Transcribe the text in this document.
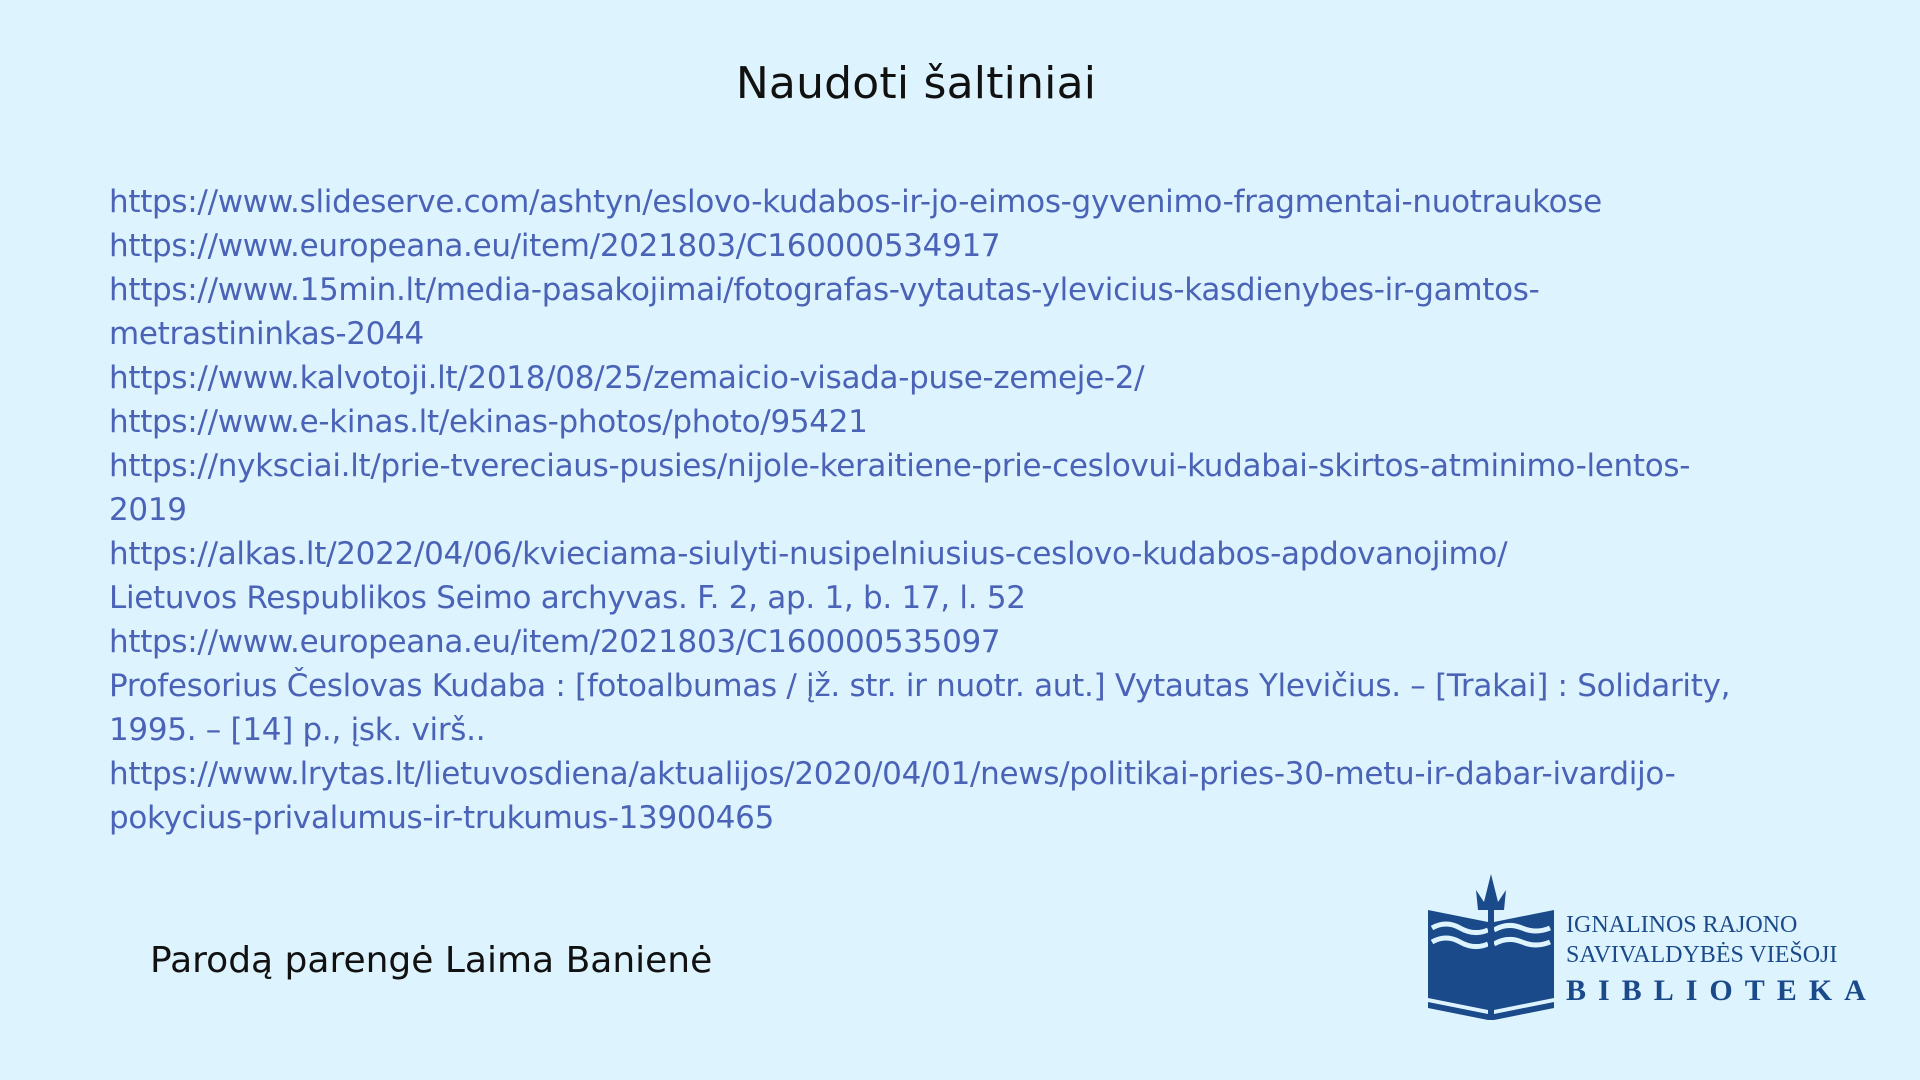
Naudoti šaltiniai
https://www.slideserve.com/ashtyn/eslovo-kudabos-ir-jo-eimos-gyvenimo-fragmentai-nuotraukose
https://www.europeana.eu/item/2021803/C160000534917
https://www.15min.lt/media-pasakojimai/fotografas-vytautas-ylevicius-kasdienybes-ir-gamtos-metrastininkas-2044
https://www.kalvotoji.lt/2018/08/25/zemaicio-visada-puse-zemeje-2/
https://www.e-kinas.lt/ekinas-photos/photo/95421
https://nyksciai.lt/prie-tvereciaus-pusies/nijole-keraitiene-prie-ceslovui-kudabai-skirtos-atminimo-lentos-2019
https://alkas.lt/2022/04/06/kvieciama-siulyti-nusipelniusius-ceslovo-kudabos-apdovanojimo/
Lietuvos Respublikos Seimo archyvas. F. 2, ap. 1, b. 17, l. 52
https://www.europeana.eu/item/2021803/C160000535097
Profesorius Česlovas Kudaba : [fotoalbumas / įž. str. ir nuotr. aut.] Vytautas Ylevičius. – [Trakai] : Solidarity, 1995. – [14] p., įsk. virš..
https://www.lrytas.lt/lietuvosdiena/aktualijos/2020/04/01/news/politikai-pries-30-metu-ir-dabar-ivardijo-pokycius-privalumus-ir-trukumus-13900465
Parodą parengė Laima Banienė
IGNALINOS RAJONO
SAVIVALDYBĖS VIEŠOJI
BIBLIOTEKA
